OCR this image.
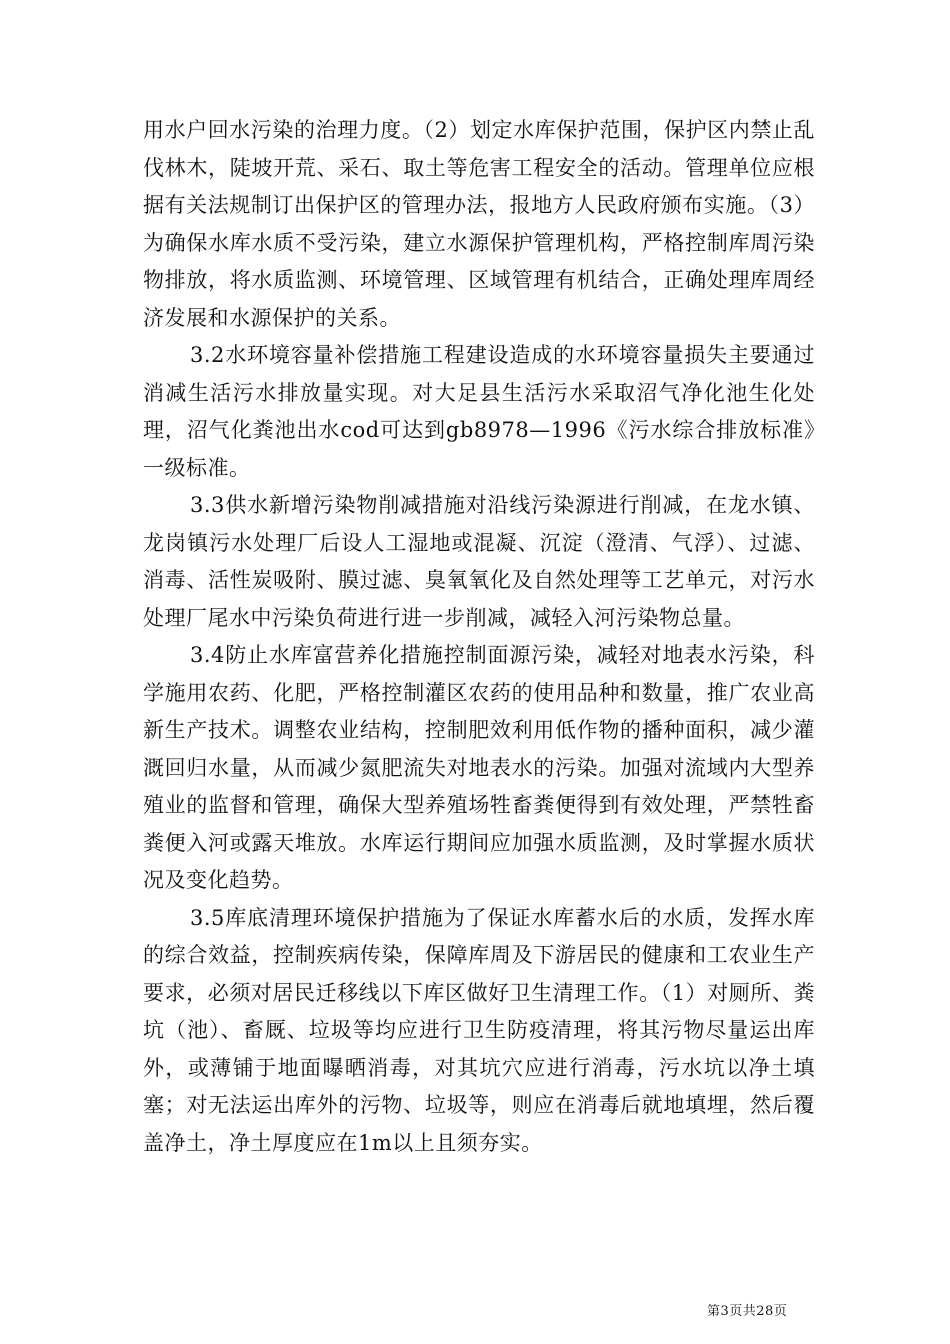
用水户回水污染的治理力度。（2）划定水库保护范围，保护区内禁止乱伐林木，陡坡开荒、采石、取土等危害工程安全的活动。管理单位应根据有关法规制订出保护区的管理办法，报地方人民政府颁布实施。（3）为确保水库水质不受污染，建立水源保护管理机构，严格控制库周污染物排放，将水质监测、环境管理、区域管理有机结合，正确处理库周经济发展和水源保护的关系。

3.2水环境容量补偿措施工程建设造成的水环境容量损失主要通过消减生活污水排放量实现。对大足县生活污水采取沼气净化池生化处理，沼气化粪池出水cod可达到gb8978—1996《污水综合排放标准》一级标准。

3.3供水新增污染物削减措施对沿线污染源进行削减，在龙水镇、龙岗镇污水处理厂后设人工湿地或混凝、沉淀（澄清、气浮）、过滤、消毒、活性炭吸附、膜过滤、臭氧氧化及自然处理等工艺单元，对污水处理厂尾水中污染负荷进行进一步削减，减轻入河污染物总量。

3.4防止水库富营养化措施控制面源污染，减轻对地表水污染，科学施用农药、化肥，严格控制灌区农药的使用品种和数量，推广农业高新生产技术。调整农业结构，控制肥效利用低作物的播种面积，减少灌溉回归水量，从而减少氮肥流失对地表水的污染。加强对流域内大型养殖业的监督和管理，确保大型养殖场牲畜粪便得到有效处理，严禁牲畜粪便入河或露天堆放。水库运行期间应加强水质监测，及时掌握水质状况及变化趋势。

3.5库底清理环境保护措施为了保证水库蓄水后的水质，发挥水库的综合效益，控制疾病传染，保障库周及下游居民的健康和工农业生产要求，必须对居民迁移线以下库区做好卫生清理工作。（1）对厕所、粪坑（池）、畜厩、垃圾等均应进行卫生防疫清理，将其污物尽量运出库外，或薄铺于地面曝晒消毒，对其坑穴应进行消毒，污水坑以净土填塞；对无法运出库外的污物、垃圾等，则应在消毒后就地填埋，然后覆盖净土，净土厚度应在1m以上且须夯实。

第3页共28页
